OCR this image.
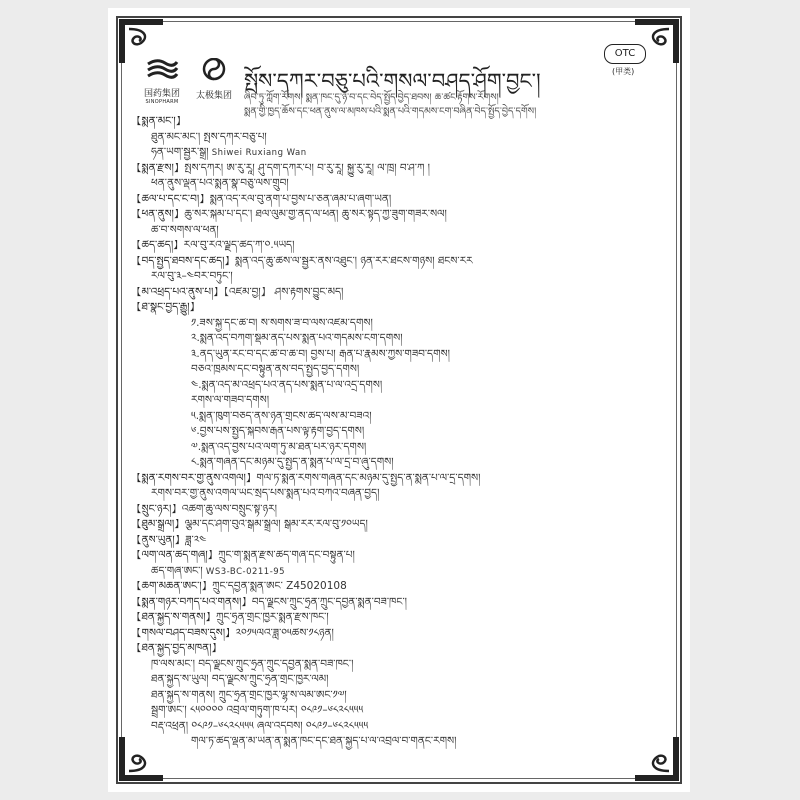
国药集团
SINOPHARM
太极集团
OTC
(甲类)
སྤོས་དཀར་བཅུ་པའི་གསལ་བཤད་ཤོག་བྱང་།
ཞིབ་ཏུ་ཀློག་རོགས། སྨན་ཁང་དུ་ཉོ་བ་དང་བེད་སྤྱོད་བྱེད་ཐབས། ཆ་ཚང་རྟོགས་རོགས།
སྨན་གྱི་ཁྱད་ཆོས་དང་ཕན་ནུས་ལ་མཁས་པའི་སྨན་པའི་གདམས་ངག་བཞིན་བེད་སྤྱོད་བྱེད་དགོས།
【སྨན་མིང་།】
ཐུན་མོང་མིང་། སྤོས་དཀར་བཅུ་པ།
ཧན་ཡིག་སྦྱར་སྒྲ། Shiwei Ruxiang Wan
【སྨན་རྫས།】སྤོས་དཀར། ཨ་རུ་རཱ། ཤུ་དག་དཀར་པོ། བ་རུ་རཱ། སྐྱུ་རུ་རཱ། ལི་ཁྲི། བ་ཤ་ཀ །
ཕན་ནུས་ལྡན་པའི་སྨན་སྣ་བཅུ་ལས་གྲུབ།
【ཚལ་པ་དང་ངོ་བོ།】སྨན་འདི་རིལ་བུ་ནག་པོ་བྱིས་པ་ཅན་ཞིམ་པོ་ཞིག་ཡིན།
【ཕན་ནུས།】ཆུ་སེར་སྐེམ་པ་དང་། ཐལ་ལུམ་གྱི་ནད་ལ་ཕན། ཆུ་སེར་སྟོད་ཀྱི་ཟུག་གཟེར་སེལ།
ཚ་བ་སོགས་ལ་ཕན།
【ཚད་ཚད།】རིལ་བུ་རེའི་ལྗིད་ཚད་ཀེ་༠.༥ཡོད།
【བེད་སྤྱོད་ཐབས་དང་ཚད།】སྨན་འདི་ཆུ་ཚོས་ལ་སྦྱར་ནས་འཐུང་། ཉིན་རེར་ཐེངས་གཉིས། ཐེངས་རེར
རིལ་བུ་༣–༤བར་བཏུང་།
【མི་འཕྲོད་པའི་ནུས་པ།】【འཛེམ་བྱ།】 ཤེས་རྟོགས་བྱུང་མེད།
【ཐོ་སྣང་བྱེད་རྒྱུ།】
༡.ཟས་སྐྱ་དང་ཚ་བ། སོ་སོགས་ཟ་བ་ལས་འཛེམ་དགོས།
༢.སྨན་འདི་བཀག་སྡོམ་ནད་པས་སྨན་པའི་གདམས་ངག་དགོས།
༣.ནད་ཡུན་རིང་བ་དང་ཚ་བ་ཆེ་བ། བྱིས་པ། རྒན་པོ་རྣམས་ཀྱིས་གཟབ་དགོས།
བཅའ་ཁྲིམས་དང་བསྟུན་ནས་བེད་སྤྱོད་བྱེད་དགོས།
༤.སྨན་འདི་མི་འཕྲོད་པའི་ནད་པས་སྨན་པ་ལ་འདྲི་དགོས།
རིགས་ལ་གཟབ་དགོས།
༥.སྨན་ཁུག་བཅད་ནས་ཉིན་གྲངས་ཚད་ལས་མི་བཟའ།
༦.བྱིས་པས་སྤྱོད་སྐབས་རྒན་པས་ལྟ་རྟོག་བྱེད་དགོས།
༧.སྨན་འདི་བྱིས་པའི་ལག་ཏུ་མི་ཐོན་པར་ཉར་དགོས།
༨.སྨན་གཞན་དང་མཉམ་དུ་སྤྱོད་ན་སྨན་པ་ལ་དྲི་བ་ཞུ་དགོས།
【སྨན་རིགས་བར་གྱི་ནུས་འགལ།】གལ་ཏེ་སྨན་རིགས་གཞན་དང་མཉམ་དུ་སྤྱོད་ན་སྨན་པ་ལ་དྲི་དགོས།
རིགས་བར་གྱི་ནུས་འགལ་ཡོང་སྲིད་པས་སྨན་པའི་བཀའ་བཞིན་བྱེད།
【སྲུང་ཉར།】འཚག་ཆུ་ལས་བསྲུང་སྟེ་ཉར།
【ཐུམ་སྒྲིལ།】ལྕམ་དང་ཤོག་བུའི་སྒམ་སྒྲིལ། སྒམ་རེར་རིལ་བུ་༡༠ཡོད།
【ནུས་ཡུན།】ཟླ་༢༤
【ལག་ལེན་ཚད་གཞི།】ཀྲུང་གོ་སྨན་རྫས་ཚད་གཞི་དང་བསྟུན་པ།
ཚད་གཞི་ཨང་། WS3-BC-0211-95
【ཆོག་མཆན་ཨང་།】ཀྲུང་དབྱིན་སྨན་ཨང་ Z45020108
【སྨན་གཉེར་བཀོད་པའི་གནས།】བོད་ལྗོངས་ཀྲུང་ཧྲོན་ཀྲུང་དབྱིན་སྨན་བཟོ་ཁང་།
【ཐོན་སྐྱེད་ས་གནས།】ཀྲུང་ཧྲོན་གྲོང་ཁྱེར་སྨན་རྫས་ཁང་།
【གསལ་བཤད་བཟོས་དུས།】༢༠༡༥ལོའི་ཟླ་༠༥ཚེས་༡༨ཉིན།
【ཐོན་སྐྱེད་བྱེད་མཁན།】
ཁེ་ལས་མིང་། བོད་ལྗོངས་ཀྲུང་ཧྲོན་ཀྲུང་དབྱིན་སྨན་བཟོ་ཁང་།
ཐོན་སྐྱེད་ས་ཡུལ། བོད་ལྗོངས་ཀྲུང་ཧྲོན་གྲོང་ཁྱེར་ལམ།
ཐོན་སྐྱེད་ས་གནས། ཀྲུང་ཧྲོན་གྲོང་ཁྱེར་ལྷ་ས་ལམ་ཨང་༡༧།
སྦྲག་ཨང་། ༨༥༠༠༠༠ འབྲེལ་གཏུག་ཁ་པར། ༠༨༩༡–༦༨༢༨༥༥༥
བརྡ་འཕྲིན། ༠༨༩༡–༦༨༢༨༥༥༥ ཞལ་འདེབས། ༠༨༩༡–༦༨༢༨༥༥༥
གལ་ཏེ་ཚད་ལྡན་མ་ཡིན་ན་སྨན་ཁང་དང་ཐོན་སྐྱེད་པ་ལ་འབྲེལ་བ་གནང་རོགས།
